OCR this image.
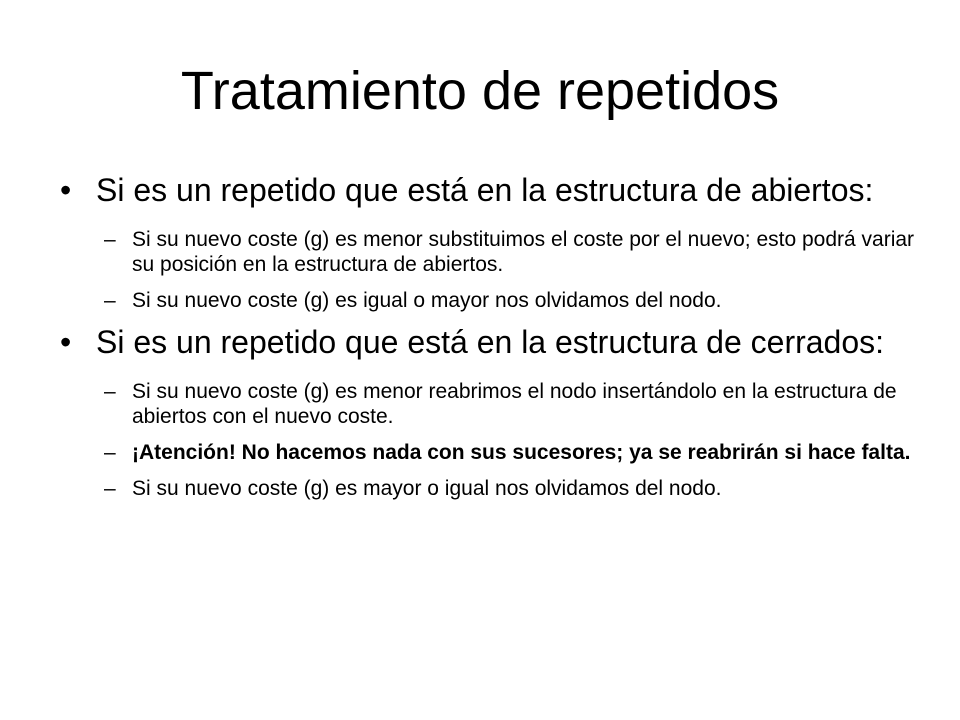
Tratamiento de repetidos

• Si es un repetido que está en la estructura de abiertos:

– Si su nuevo coste (g) es menor substituimos el coste por el nuevo; esto podrá variar su posición en la estructura de abiertos.

– Si su nuevo coste (g) es igual o mayor nos olvidamos del nodo.

• Si es un repetido que está en la estructura de cerrados:

– Si su nuevo coste (g) es menor reabrimos el nodo insertándolo en la estructura de abiertos con el nuevo coste.

– ¡Atención! No hacemos nada con sus sucesores; ya se reabrirán si hace falta.

– Si su nuevo coste (g) es mayor o igual nos olvidamos del nodo.
